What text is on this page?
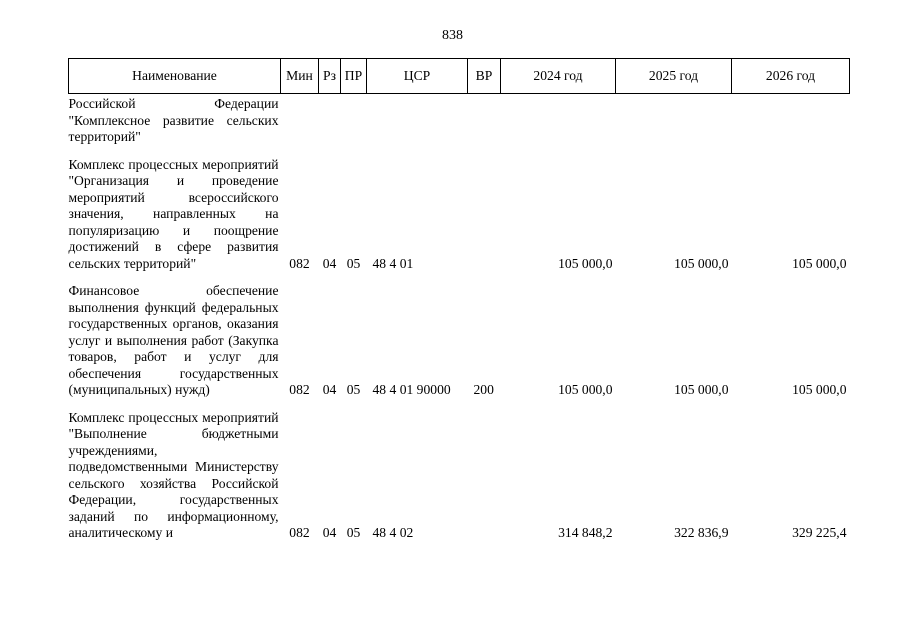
838
Наименование	Мин	Рз	ПР	ЦСР	ВР	2024 год	2025 год	2026 год
Российской Федерации "Комплексное развитие сельских территорий"								
Комплекс процессных мероприятий "Организация и проведение мероприятий всероссийского значения, направленных на популяризацию и поощрение достижений в сфере развития сельских территорий"	082	04	05	48 4 01		105 000,0	105 000,0	105 000,0
Финансовое обеспечение выполнения функций федеральных государственных органов, оказания услуг и выполнения работ (Закупка товаров, работ и услуг для обеспечения государственных (муниципальных) нужд)	082	04	05	48 4 01 90000	200	105 000,0	105 000,0	105 000,0
Комплекс процессных мероприятий "Выполнение бюджетными учреждениями, подведомственными Министерству сельского хозяйства Российской Федерации, государственных заданий по информационному, аналитическому и	082	04	05	48 4 02		314 848,2	322 836,9	329 225,4
